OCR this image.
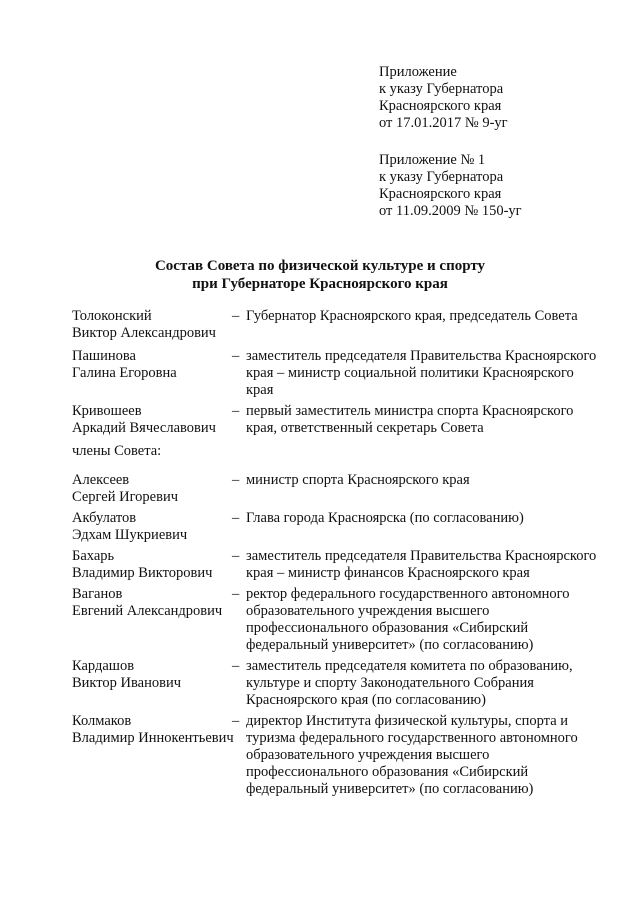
Приложение
к указу Губернатора
Красноярского края
от 17.01.2017 № 9-уг
Приложение № 1
к указу Губернатора
Красноярского края
от 11.09.2009 № 150-уг
Состав Совета по физической культуре и спорту
при Губернаторе Красноярского края
Толоконский
Виктор Александрович
– Губернатор Красноярского края, председатель Совета
Пашинова
Галина Егоровна
– заместитель председателя Правительства Красноярского края – министр социальной политики Красноярского края
Кривошеев
Аркадий Вячеславович
– первый заместитель министра спорта Красноярского края, ответственный секретарь Совета
члены Совета:
Алексеев
Сергей Игоревич
– министр спорта Красноярского края
Акбулатов
Эдхам Шукриевич
– Глава города Красноярска (по согласованию)
Бахарь
Владимир Викторович
– заместитель председателя Правительства Красноярского края – министр финансов Красноярского края
Ваганов
Евгений Александрович
– ректор федерального государственного автономного образовательного учреждения высшего профессионального образования «Сибирский федеральный университет» (по согласованию)
Кардашов
Виктор Иванович
– заместитель председателя комитета по образованию, культуре и спорту Законодательного Собрания Красноярского края (по согласованию)
Колмаков
Владимир Иннокентьевич
– директор Института физической культуры, спорта и туризма федерального государственного автономного образовательного учреждения высшего профессионального образования «Сибирский федеральный университет» (по согласованию)
